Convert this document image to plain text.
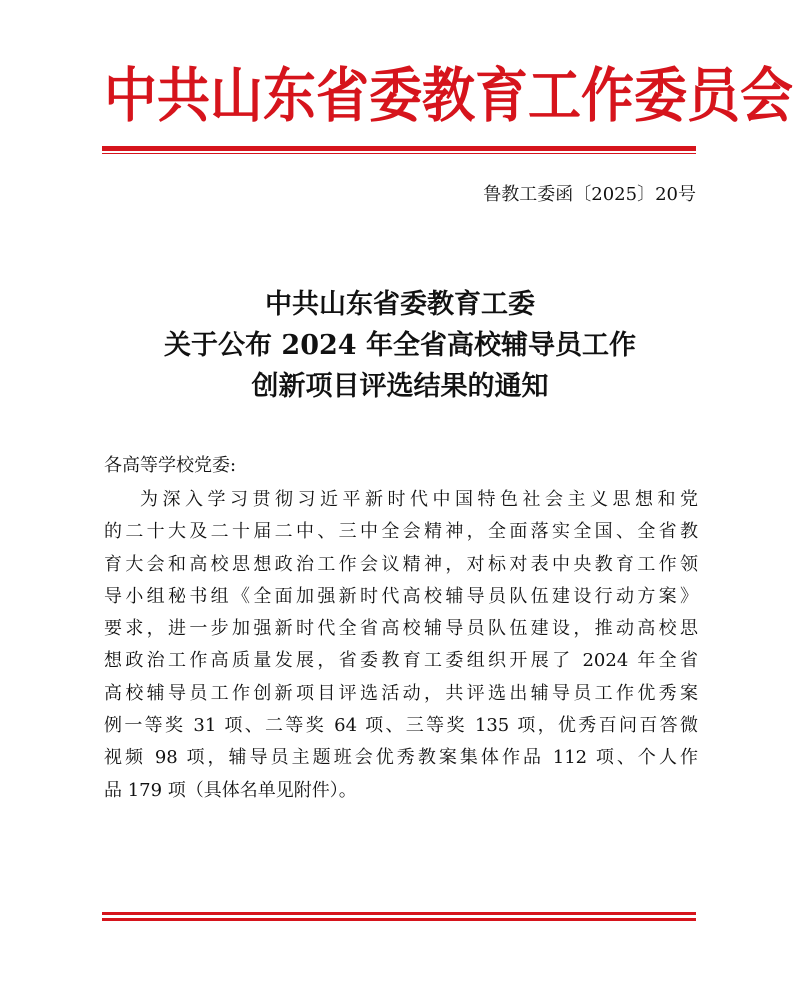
中共山东省委教育工作委员会
鲁教工委函〔2025〕20号
中共山东省委教育工委
关于公布 2024 年全省高校辅导员工作
创新项目评选结果的通知
各高等学校党委:
为深入学习贯彻习近平新时代中国特色社会主义思想和党
的二十大及二十届二中、三中全会精神，全面落实全国、全省教
育大会和高校思想政治工作会议精神，对标对表中央教育工作领
导小组秘书组《全面加强新时代高校辅导员队伍建设行动方案》
要求，进一步加强新时代全省高校辅导员队伍建设，推动高校思
想政治工作高质量发展，省委教育工委组织开展了 2024 年全省
高校辅导员工作创新项目评选活动，共评选出辅导员工作优秀案
例一等奖 31 项、二等奖 64 项、三等奖 135 项，优秀百问百答微
视频 98 项，辅导员主题班会优秀教案集体作品 112 项、个人作
品 179 项（具体名单见附件）。
